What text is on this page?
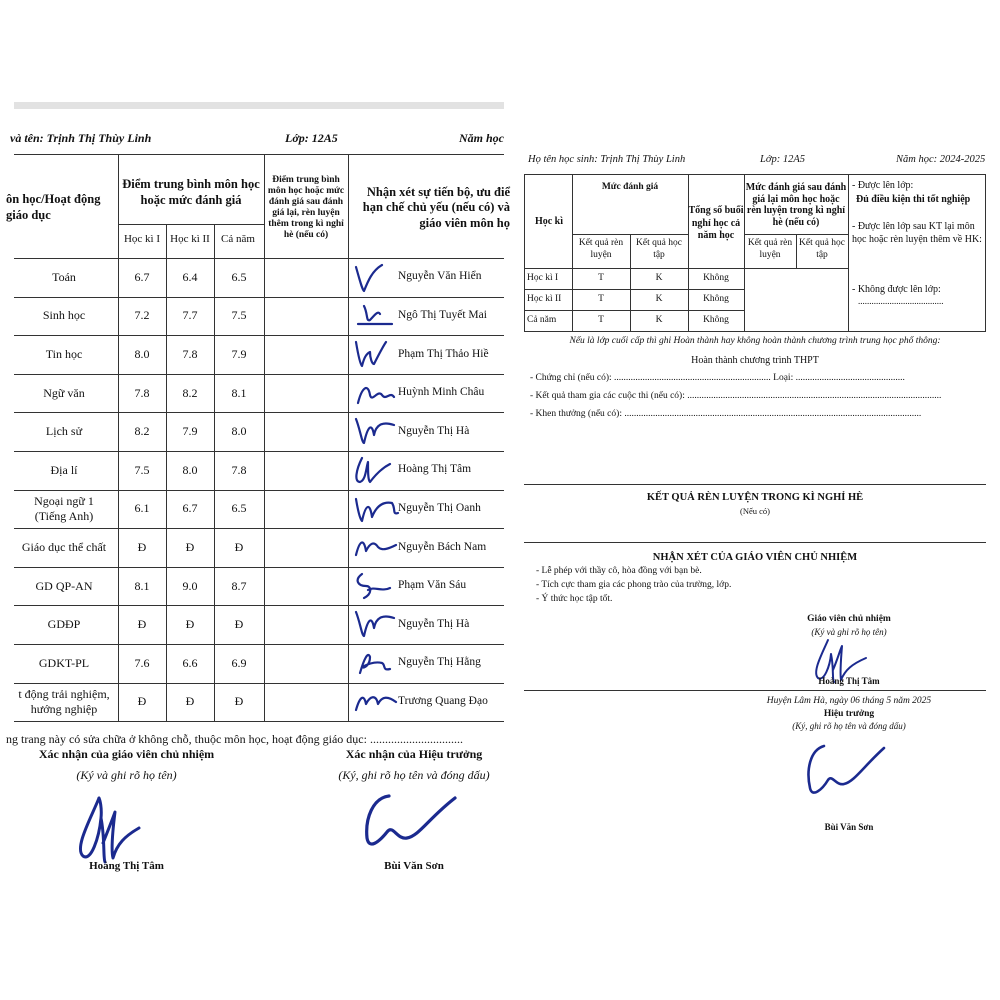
và tên: Trịnh Thị Thùy Linh	Lớp: 12A5	Năm học
ôn học/Hoạt động giáo dục
Điểm trung bình môn học hoặc mức đánh giá
Học kì I Học kì II	Cả năm
Điểm trung bình môn học hoặc mức đánh giá sau đánh giá lại, rèn luyện thêm trong kì nghỉ hè (nếu có)
Nhận xét sự tiến bộ, ưu điể hạn chế chủ yếu (nếu có) và giáo viên môn họ
Toán	6.7	6.4	6.5	Nguyễn Văn Hiển
Sinh học	7.2	7.7	7.5	Ngô Thị Tuyết Mai
Tin học	8.0	7.8	7.9	Phạm Thị Thảo Hiề
Ngữ văn	7.8	8.2	8.1	Huỳnh Minh Châu
Lịch sử	8.2	7.9	8.0	Nguyễn Thị Hà
Địa lí	7.5	8.0	7.8	Hoàng Thị Tâm
Ngoại ngữ 1
(Tiếng Anh)
6.1	6.7	6.5	Nguyễn Thị Oanh
Giáo dục thể chất	Đ	Đ	Đ	Nguyễn Bách Nam
GD QP-AN	8.1	9.0	8.7	Phạm Văn Sáu
GDĐP	Đ	Đ	Đ	Nguyễn Thị Hà
GDKT-PL	7.6	6.6	6.9	Nguyễn Thị Hằng
t động trải nghiệm,
hướng nghiệp
Đ	Đ	Đ	Trương Quang Đạo
ng trang này có sửa chữa ở không chỗ, thuộc môn học, hoạt động giáo dục: ...............................
Xác nhận của giáo viên chủ nhiệm
(Ký và ghi rõ họ tên)
Hoàng Thị Tâm
Xác nhận của Hiệu trưởng
(Ký, ghi rõ họ tên và đóng dấu)
Bùi Văn Sơn
Họ tên học sinh: Trịnh Thị Thùy Linh	Lớp: 12A5	Năm học: 2024-2025
Học kì
Mức đánh giá
Kết quả rèn luyện
Kết quả học tập
Tổng số buổi nghỉ học cả năm học
Mức đánh giá sau đánh giá lại môn học hoặc rèn luyện trong kì nghỉ hè (nếu có)
Kết quả rèn luyện
Kết quả học tập
Học kì I	T	K	Không
Học kì II	T	K	Không
Cả năm	T	K	Không
- Được lên lớp:
Đủ điều kiện thi tốt nghiệp
- Được lên lớp sau KT lại môn học hoặc rèn luyện thêm về HK:
- Không được lên lớp:
......................................
Nếu là lớp cuối cấp thì ghi Hoàn thành hay không hoàn thành chương trình trung học phổ thông:
Hoàn thành chương trình THPT
- Chứng chỉ (nếu có): .................................................................. Loại: ..............................................
- Kết quả tham gia các cuộc thi (nếu có): ...........................................................................................................
- Khen thưởng (nếu có): .............................................................................................................................
KẾT QUẢ RÈN LUYỆN TRONG KÌ NGHỈ HÈ
(Nếu có)
NHẬN XÉT CỦA GIÁO VIÊN CHỦ NHIỆM
- Lễ phép với thầy cô, hòa đồng với bạn bè.
- Tích cực tham gia các phong trào của trường, lớp.
- Ý thức học tập tốt.
Giáo viên chủ nhiệm
(Ký và ghi rõ họ tên)
Hoàng Thị Tâm
Huyện Lâm Hà, ngày 06 tháng 5 năm 2025
Hiệu trưởng
(Ký, ghi rõ họ tên và đóng dấu)
Bùi Văn Sơn
